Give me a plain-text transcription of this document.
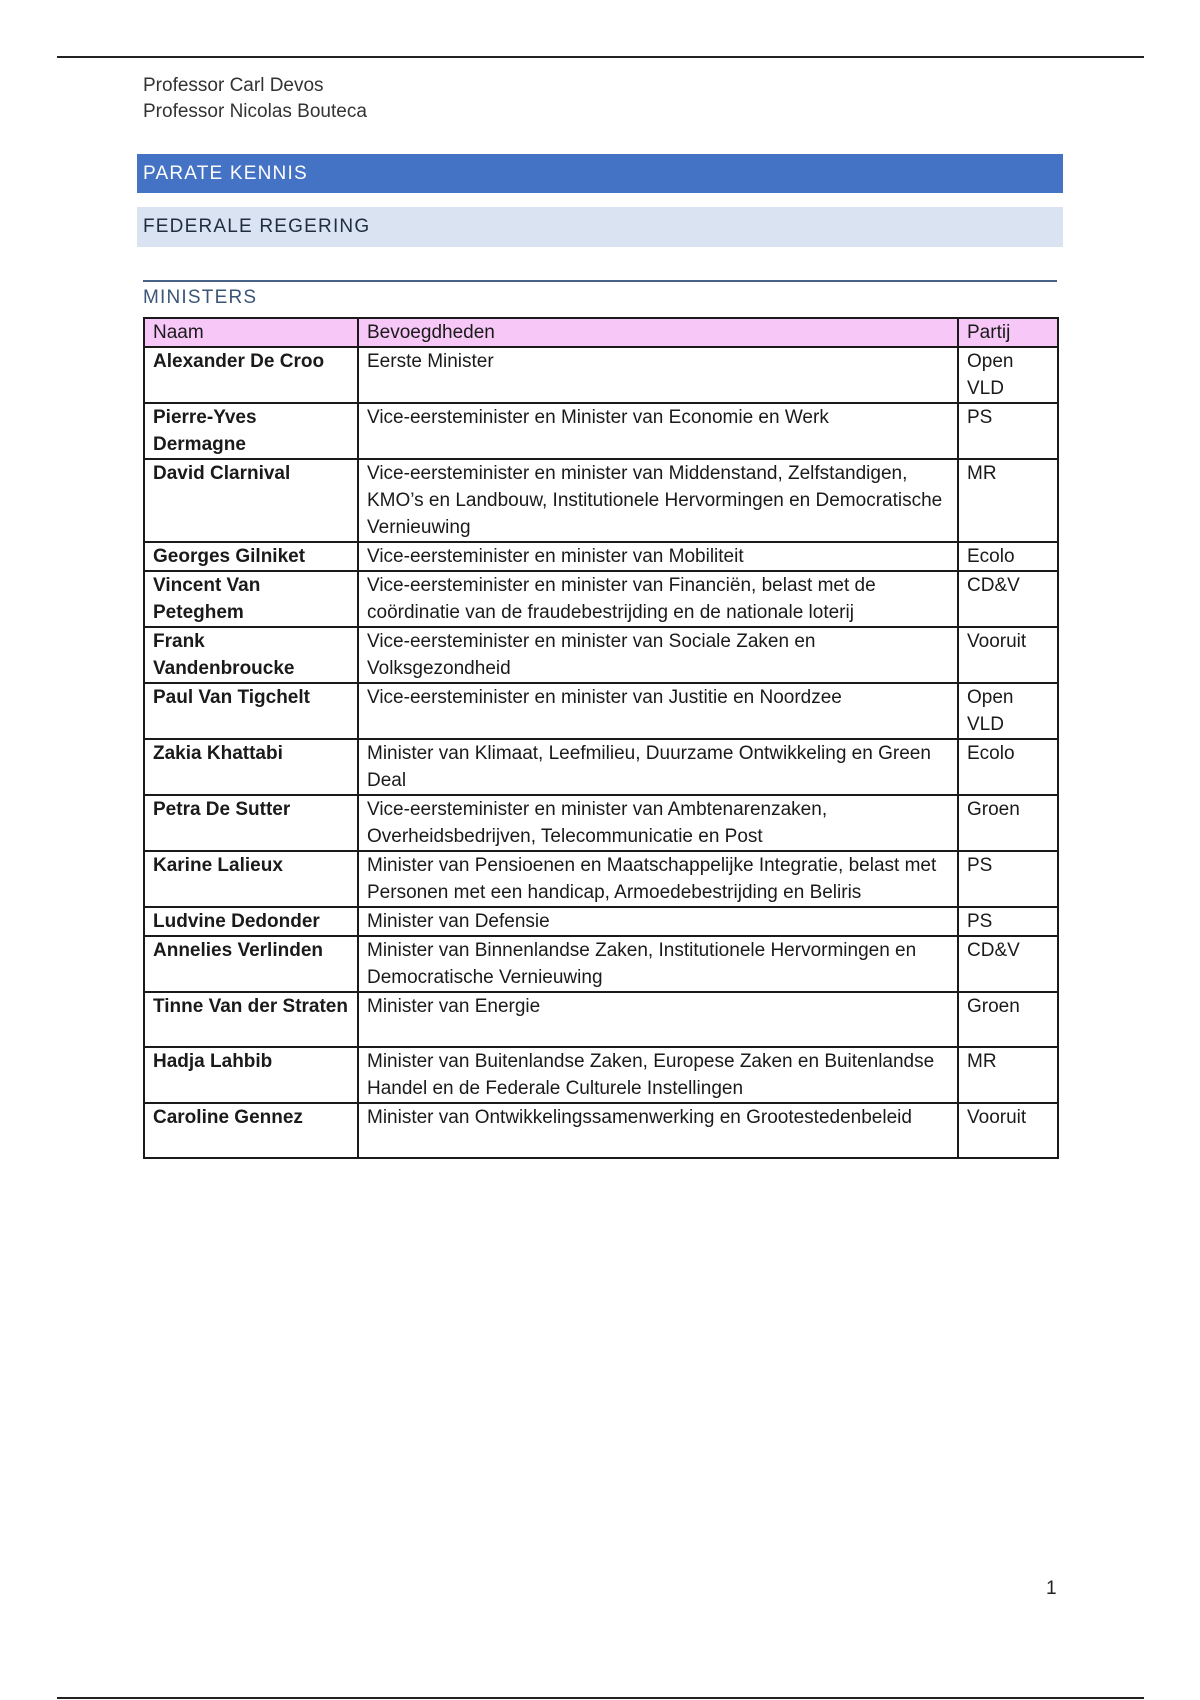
Professor Carl Devos
Professor Nicolas Bouteca
PARATE KENNIS
FEDERALE REGERING
MINISTERS
Naam	Bevoegdheden	Partij
Alexander De Croo	Eerste Minister	Open VLD
Pierre-Yves Dermagne	Vice-eersteminister en Minister van Economie en Werk	PS
David Clarnival	Vice-eersteminister en minister van Middenstand, Zelfstandigen, KMO’s en Landbouw, Institutionele Hervormingen en Democratische Vernieuwing	MR
Georges Gilniket	Vice-eersteminister en minister van Mobiliteit	Ecolo
Vincent Van Peteghem	Vice-eersteminister en minister van Financiën, belast met de coördinatie van de fraudebestrijding en de nationale loterij	CD&V
Frank Vandenbroucke	Vice-eersteminister en minister van Sociale Zaken en Volksgezondheid	Vooruit
Paul Van Tigchelt	Vice-eersteminister en minister van Justitie en Noordzee	Open VLD
Zakia Khattabi	Minister van Klimaat, Leefmilieu, Duurzame Ontwikkeling en Green Deal	Ecolo
Petra De Sutter	Vice-eersteminister en minister van Ambtenarenzaken, Overheidsbedrijven, Telecommunicatie en Post	Groen
Karine Lalieux	Minister van Pensioenen en Maatschappelijke Integratie, belast met Personen met een handicap, Armoedebestrijding en Beliris	PS
Ludvine Dedonder	Minister van Defensie	PS
Annelies Verlinden	Minister van Binnenlandse Zaken, Institutionele Hervormingen en Democratische Vernieuwing	CD&V
Tinne Van der Straten	Minister van Energie	Groen
Hadja Lahbib	Minister van Buitenlandse Zaken, Europese Zaken en Buitenlandse Handel en de Federale Culturele Instellingen	MR
Caroline Gennez	Minister van Ontwikkelingssamenwerking en Grootestedenbeleid	Vooruit
1
